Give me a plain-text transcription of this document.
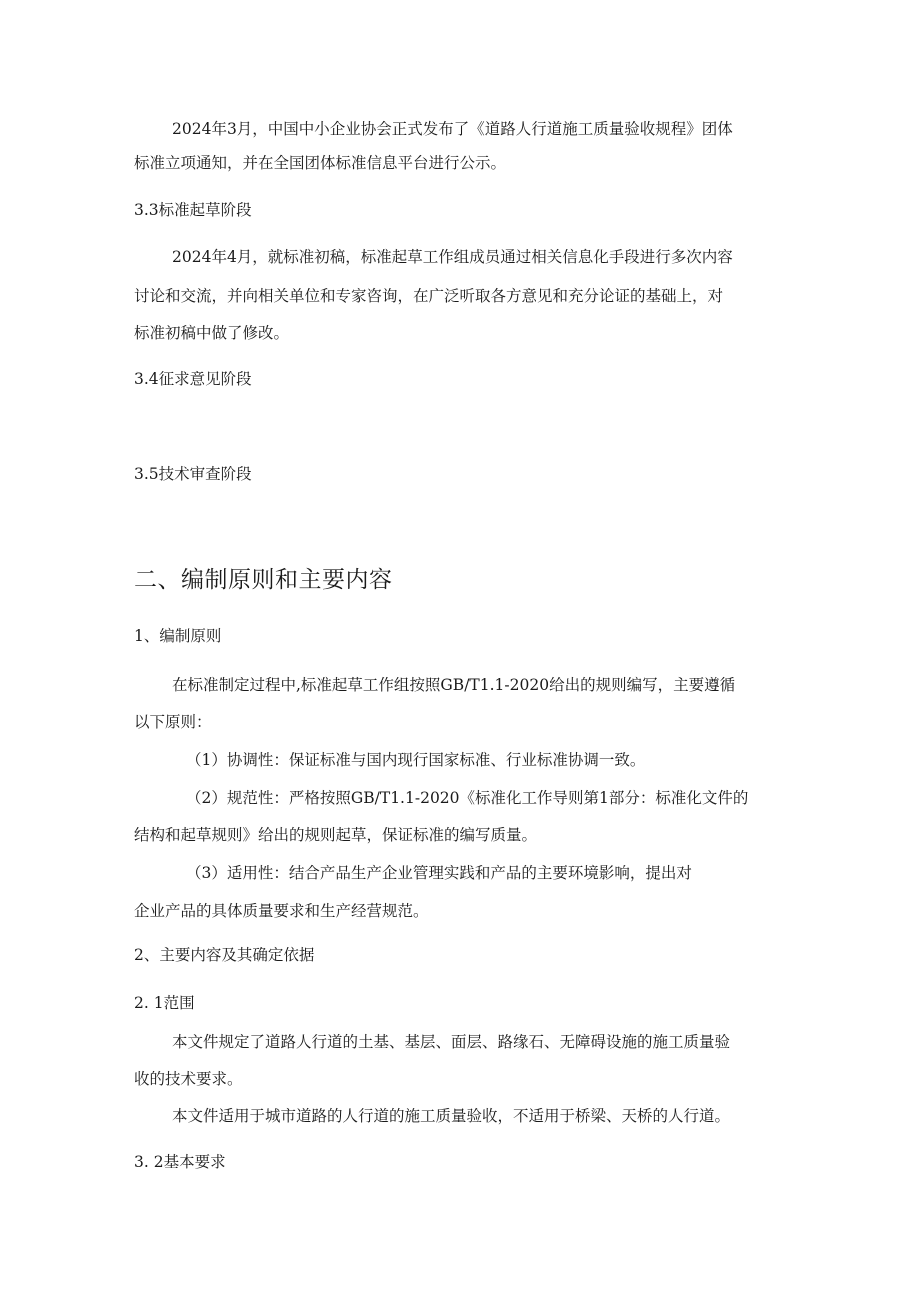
2024年3月，中国中小企业协会正式发布了《道路人行道施工质量验收规程》团体
标准立项通知，并在全国团体标准信息平台进行公示。
3.3标准起草阶段
2024年4月，就标准初稿，标准起草工作组成员通过相关信息化手段进行多次内容
讨论和交流，并向相关单位和专家咨询，在广泛听取各方意见和充分论证的基础上，对
标准初稿中做了修改。
3.4征求意见阶段
3.5技术审查阶段
二、编制原则和主要内容
1、编制原则
在标准制定过程中,标准起草工作组按照GB/T1.1-2020给出的规则编写，主要遵循
以下原则：
（1）协调性：保证标准与国内现行国家标准、行业标准协调一致。
（2）规范性：严格按照GB/T1.1-2020《标准化工作导则第1部分：标准化文件的
结构和起草规则》给出的规则起草，保证标准的编写质量。
（3）适用性：结合产品生产企业管理实践和产品的主要环境影响，提出对
企业产品的具体质量要求和生产经营规范。
2、主要内容及其确定依据
2. 1范围
本文件规定了道路人行道的土基、基层、面层、路缘石、无障碍设施的施工质量验
收的技术要求。
本文件适用于城市道路的人行道的施工质量验收，不适用于桥梁、天桥的人行道。
3. 2基本要求
